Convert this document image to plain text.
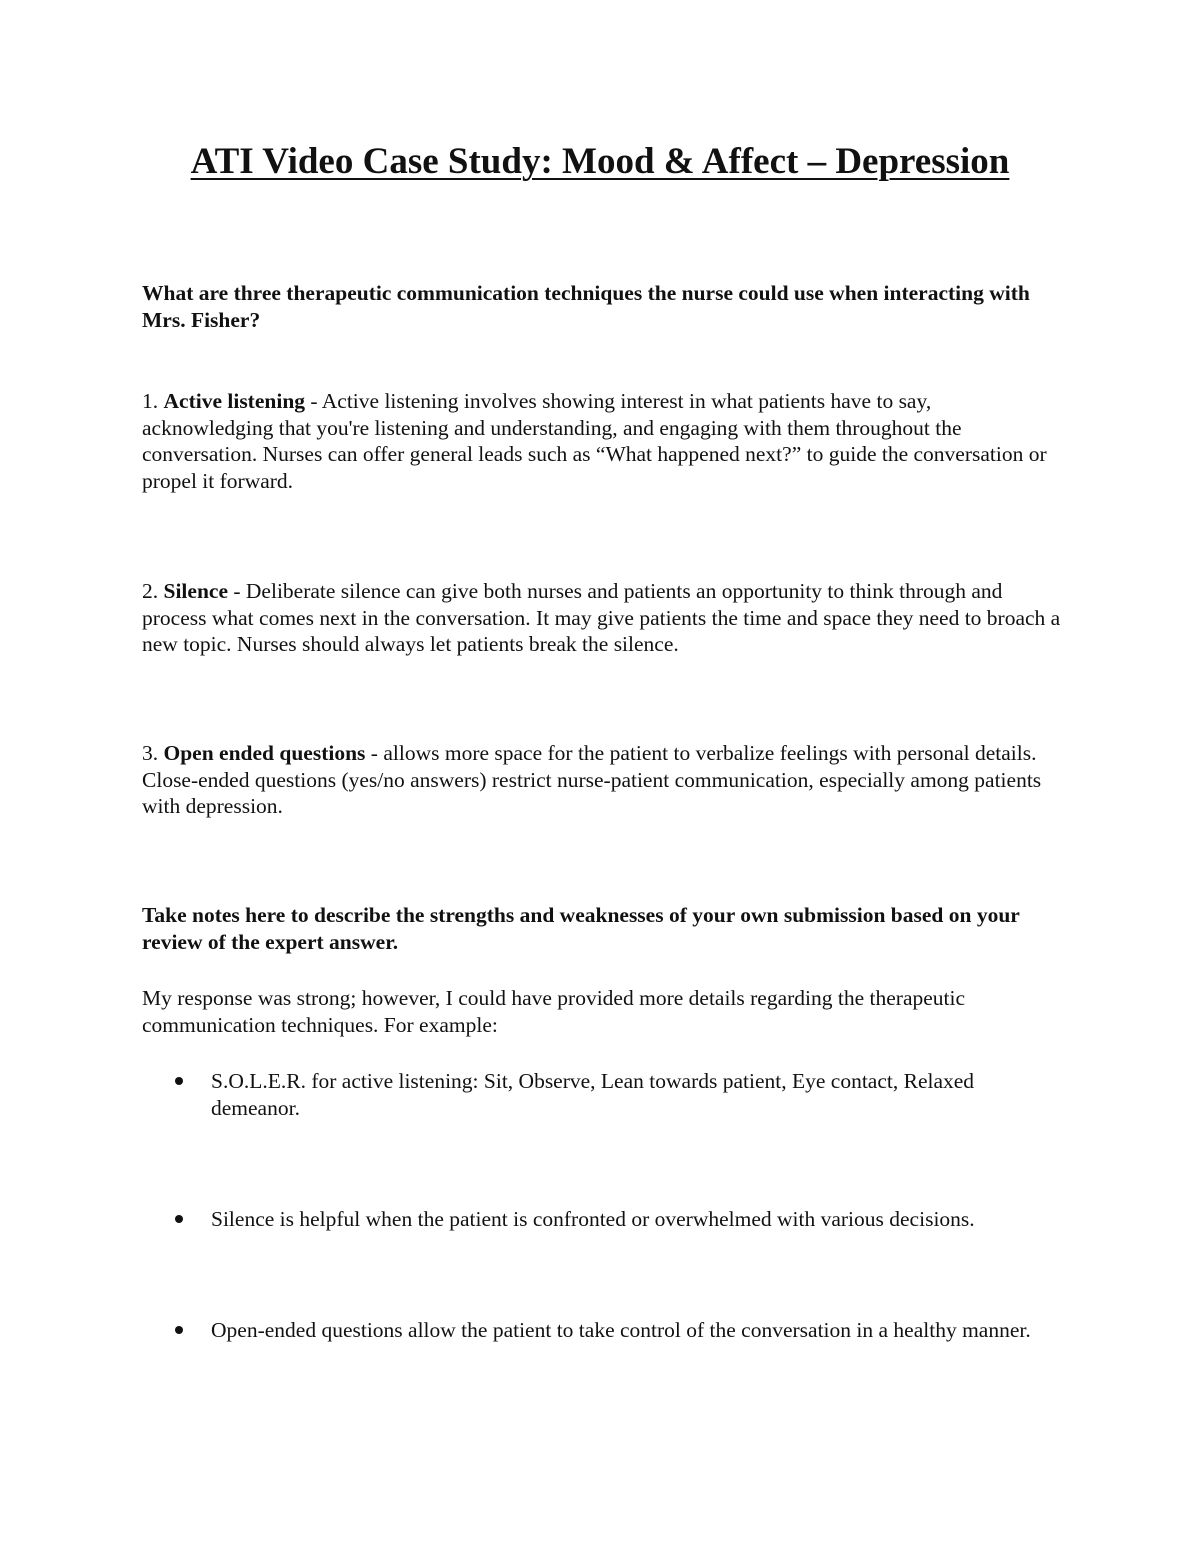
ATI Video Case Study: Mood & Affect – Depression

What are three therapeutic communication techniques the nurse could use when interacting with Mrs. Fisher?

1. Active listening - Active listening involves showing interest in what patients have to say, acknowledging that you're listening and understanding, and engaging with them throughout the conversation. Nurses can offer general leads such as “What happened next?” to guide the conversation or propel it forward.

2. Silence - Deliberate silence can give both nurses and patients an opportunity to think through and process what comes next in the conversation. It may give patients the time and space they need to broach a new topic. Nurses should always let patients break the silence.

3. Open ended questions - allows more space for the patient to verbalize feelings with personal details. Close-ended questions (yes/no answers) restrict nurse-patient communication, especially among patients with depression.

Take notes here to describe the strengths and weaknesses of your own submission based on your review of the expert answer.

My response was strong; however, I could have provided more details regarding the therapeutic communication techniques. For example:

S.O.L.E.R. for active listening: Sit, Observe, Lean towards patient, Eye contact, Relaxed demeanor.
Silence is helpful when the patient is confronted or overwhelmed with various decisions.
Open-ended questions allow the patient to take control of the conversation in a healthy manner.
